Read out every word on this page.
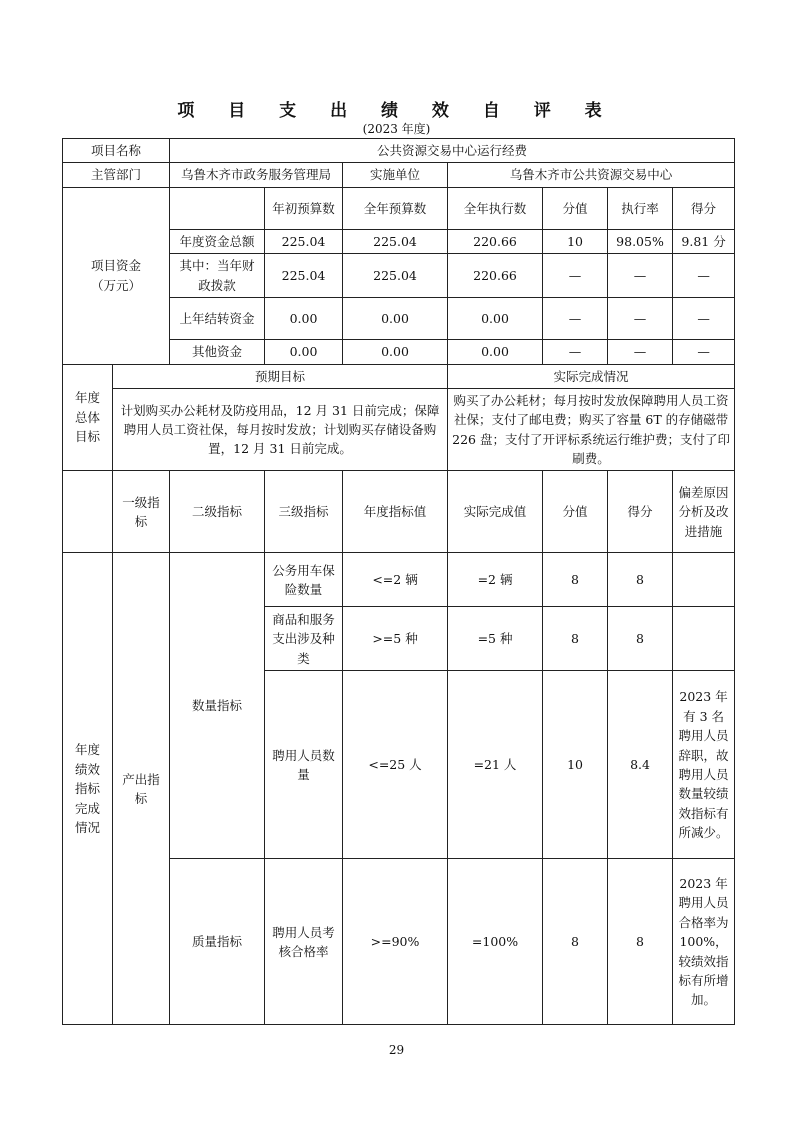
项 目 支 出 绩 效 自 评 表
(2023 年度)
项目名称		公共资源交易中心运行经费						
主管部门		乌鲁木齐市政务服务管理局		实施单位	乌鲁木齐市公共资源交易中心			
项目资金
（万元）			年初预算数	全年预算数	全年执行数	分值	执行率	得分
		年度资金总额	225.04	225.04	220.66	10	98.05%	9.81 分
		其中：当年财政拨款	225.04	225.04	220.66	—	—	—
		上年结转资金	0.00	0.00	0.00	—	—	—
		其他资金	0.00	0.00	0.00	—	—	—
年度
总体
目标	预期目标				实际完成情况			
	计划购买办公耗材及防疫用品，12 月 31 日前完成；保障聘用人员工资社保，每月按时发放；计划购买存储设备购置，12 月 31 日前完成。				购买了办公耗材；每月按时发放保障聘用人员工资社保；支付了邮电费；购买了容量 6T 的存储磁带 226 盘；支付了开评标系统运行维护费；支付了印刷费。			
	一级指标	二级指标	三级指标	年度指标值	实际完成值	分值	得分	偏差原因分析及改进措施
年度
绩效
指标
完成
情况	产出指标	数量指标	公务用车保险数量	<=2 辆	=2 辆	8	8	
			商品和服务支出涉及种类	>=5 种	=5 种	8	8	
			聘用人员数量	<=25 人	=21 人	10	8.4	2023 年有 3 名聘用人员辞职，故聘用人员数量较绩效指标有所减少。
		质量指标	聘用人员考核合格率	>=90%	=100%	8	8	2023 年聘用人员合格率为 100%，较绩效指标有所增加。
29
